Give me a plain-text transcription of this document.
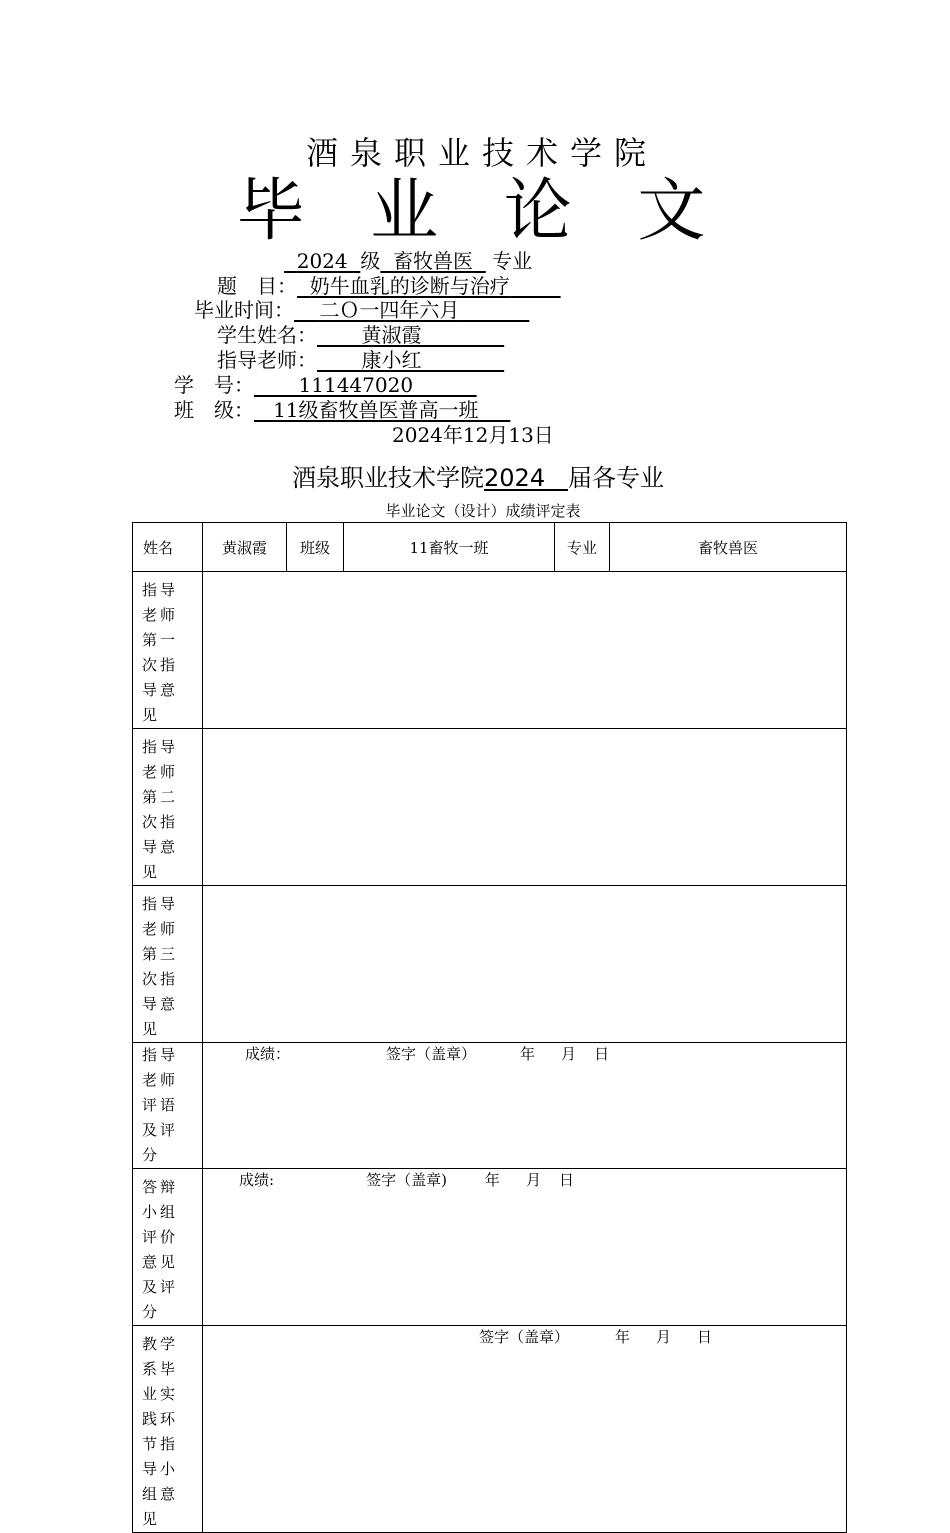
酒泉职业技术学院
毕 业 论 文
2024 级 畜牧兽医 专业
题　目： 奶牛血乳的诊断与治疗
毕业时间： 二Ｏ一四年六月
学生姓名： 黄淑霞
指导老师： 康小红
学　号： 111447020
班　级： 11级畜牧兽医普高一班
2024年12月13日
酒泉职业技术学院2024 届各专业
毕业论文（设计）成绩评定表
姓名	黄淑霞	班级	11畜牧一班	专业	畜牧兽医
指导老师第一次指导意见					
指导老师第二次指导意见					
指导老师第三次指导意见					
指导老师评语及评分	成绩： 签字（盖章） 年 月 日				
答辩小组评价意见及评分	成绩: 签字（盖章) 年 月 日				
教学系毕业实践环节指导小组意见	签字（盖章） 年 月 日				
